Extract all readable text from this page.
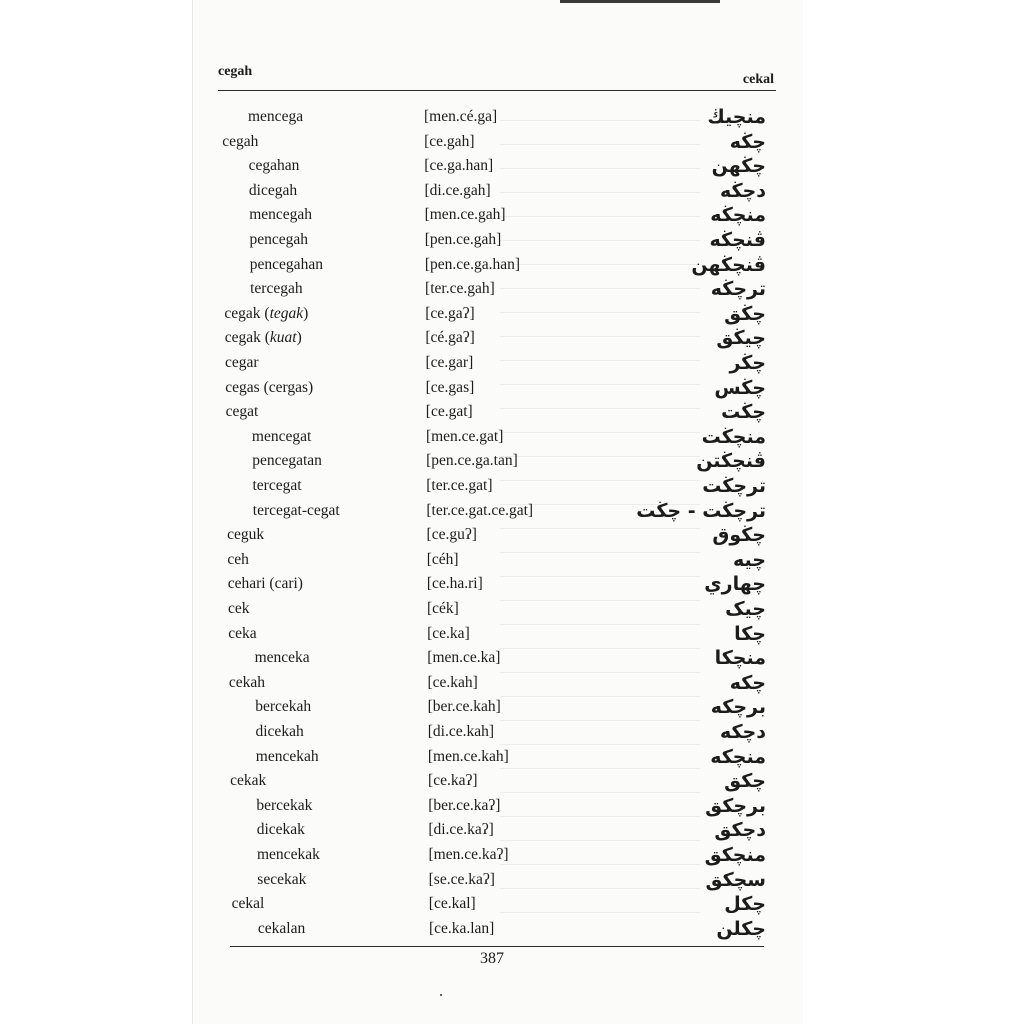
cegah
cekal
mencega	[men.cé.ga]	منچيڬ
cegah	[ce.gah]	چڬه
cegahan	[ce.ga.han]	چڬهن
dicegah	[di.ce.gah]	دچڬه
mencegah	[men.ce.gah]	منچڬه
pencegah	[pen.ce.gah]	ڤنچڬه
pencegahan	[pen.ce.ga.han]	ڤنچڬهن
tercegah	[ter.ce.gah]	ترچڬه
cegak (tegak)	[ce.gaʔ]	چڬق
cegak (kuat)	[cé.gaʔ]	چيڬق
cegar	[ce.gar]	چڬر
cegas (cergas)	[ce.gas]	چڬس
cegat	[ce.gat]	چڬت
mencegat	[men.ce.gat]	منچڬت
pencegatan	[pen.ce.ga.tan]	ڤنچڬتن
tercegat	[ter.ce.gat]	ترچڬت
tercegat-cegat	[ter.ce.gat.ce.gat]	ترچڬت - چڬت
ceguk	[ce.guʔ]	چڬوق
ceh	[céh]	چيه
cehari (cari)	[ce.ha.ri]	چهاري
cek	[cék]	چيک
ceka	[ce.ka]	چکا
menceka	[men.ce.ka]	منچکا
cekah	[ce.kah]	چکه
bercekah	[ber.ce.kah]	برچکه
dicekah	[di.ce.kah]	دچکه
mencekah	[men.ce.kah]	منچکه
cekak	[ce.kaʔ]	چکق
bercekak	[ber.ce.kaʔ]	برچکق
dicekak	[di.ce.kaʔ]	دچکق
mencekak	[men.ce.kaʔ]	منچکق
secekak	[se.ce.kaʔ]	سچکق
cekal	[ce.kal]	چکل
cekalan	[ce.ka.lan]	چکلن
387
